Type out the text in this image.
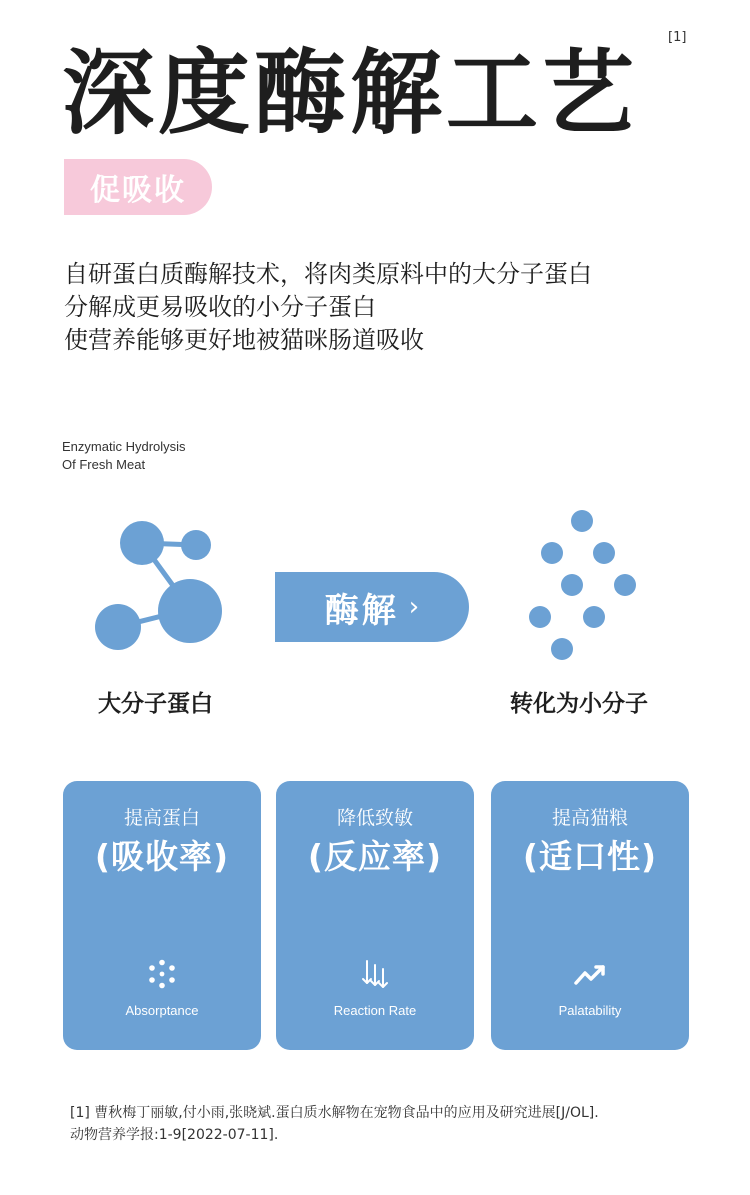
深度酶解工艺
[1]
促吸收
自研蛋白质酶解技术，将肉类原料中的大分子蛋白
分解成更易吸收的小分子蛋白
使营养能够更好地被猫咪肠道吸收
Enzymatic Hydrolysis
Of Fresh Meat
酶解 ›
大分子蛋白	转化为小分子
提高蛋白
(吸收率)
Absorptance
降低致敏
(反应率)
Reaction Rate
提高猫粮
(适口性)
Palatability
[1] 曹秋梅丁丽敏,付小雨,张晓斌.蛋白质水解物在宠物食品中的应用及研究进展[J/OL].
动物营养学报:1-9[2022-07-11].
